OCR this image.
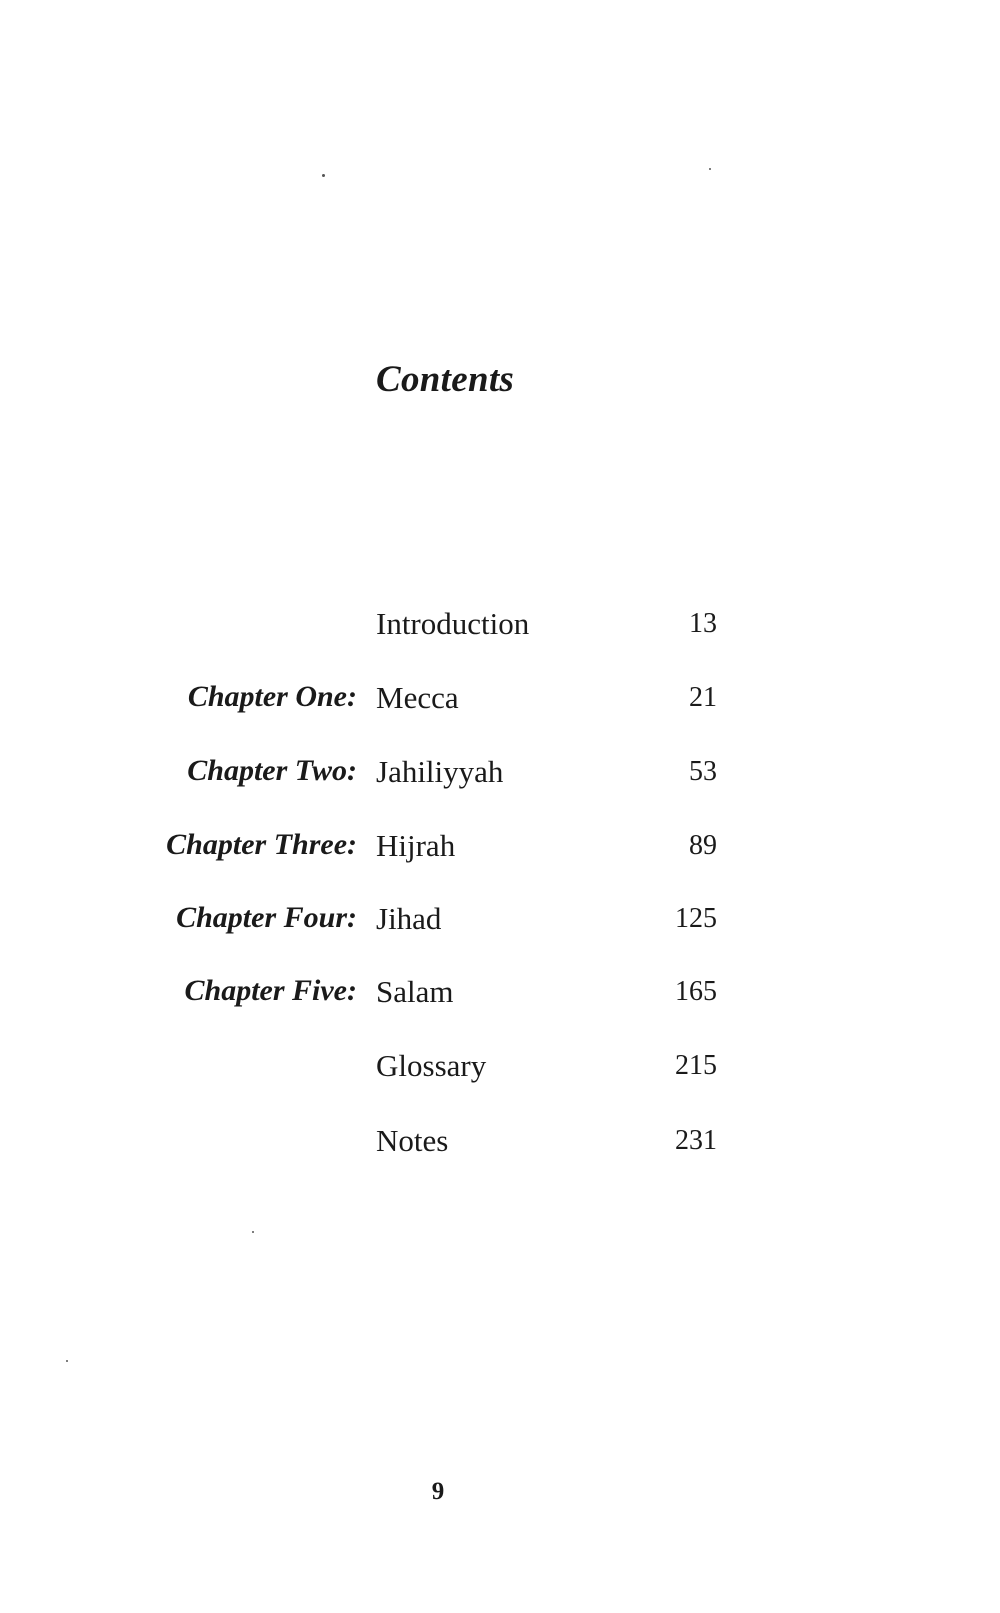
Contents
Introduction	13
Chapter One: Mecca	21
Chapter Two: Jahiliyyah	53
Chapter Three: Hijrah	89
Chapter Four: Jihad	125
Chapter Five: Salam	165
Glossary	215
Notes	231
9
